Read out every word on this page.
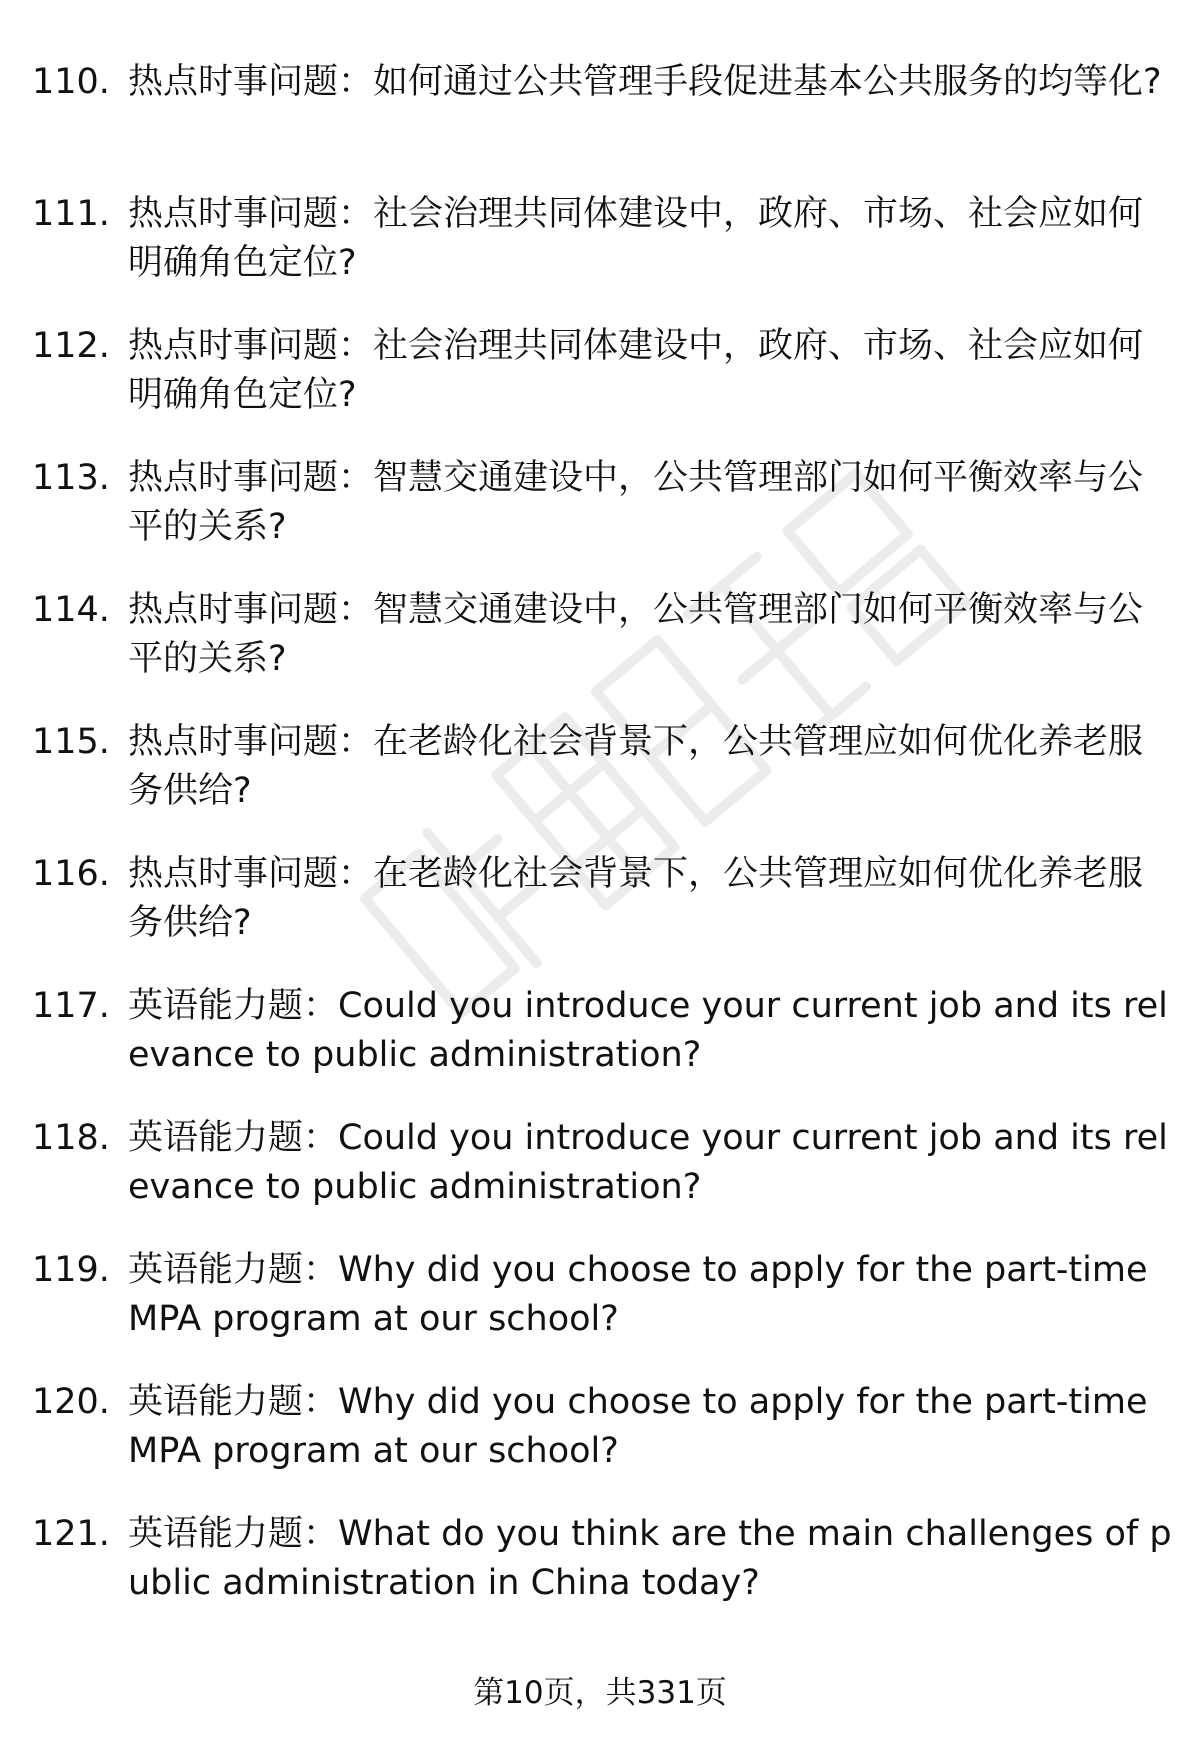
110. 热点时事问题：如何通过公共管理手段促进基本公共服务的均等化?
111. 热点时事问题：社会治理共同体建设中，政府、市场、社会应如何明确角色定位?
112. 热点时事问题：社会治理共同体建设中，政府、市场、社会应如何明确角色定位?
113. 热点时事问题：智慧交通建设中，公共管理部门如何平衡效率与公平的关系?
114. 热点时事问题：智慧交通建设中，公共管理部门如何平衡效率与公平的关系?
115. 热点时事问题：在老龄化社会背景下，公共管理应如何优化养老服务供给?
116. 热点时事问题：在老龄化社会背景下，公共管理应如何优化养老服务供给?
117. 英语能力题：Could you introduce your current job and its relevance to public administration?
118. 英语能力题：Could you introduce your current job and its relevance to public administration?
119. 英语能力题：Why did you choose to apply for the part-time MPA program at our school?
120. 英语能力题：Why did you choose to apply for the part-time MPA program at our school?
121. 英语能力题：What do you think are the main challenges of public administration in China today?
第10页，共331页
